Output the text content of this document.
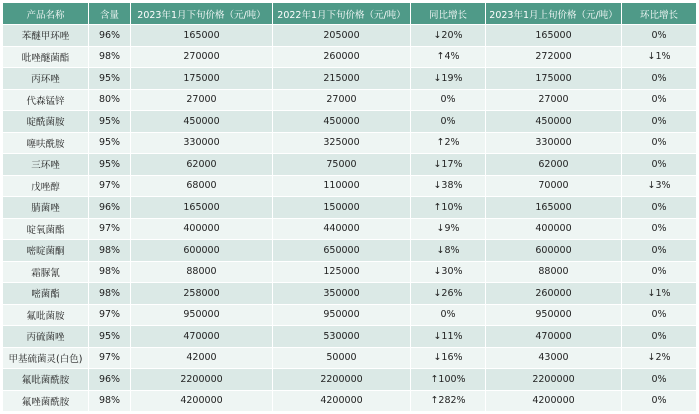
产品名称	含量	2023年1月下旬价格（元/吨）	2022年1月下旬价格（元/吨）	同比增长	2023年1月上旬价格（元/吨）	环比增长
苯醚甲环唑	96%	165000	205000	↓20%	165000	0%
吡唑醚菌酯	98%	270000	260000	↑4%	272000	↓1%
丙环唑	95%	175000	215000	↓19%	175000	0%
代森锰锌	80%	27000	27000	0%	27000	0%
啶酰菌胺	95%	450000	450000	0%	450000	0%
噻呋酰胺	95%	330000	325000	↑2%	330000	0%
三环唑	95%	62000	75000	↓17%	62000	0%
戊唑醇	97%	68000	110000	↓38%	70000	↓3%
腈菌唑	96%	165000	150000	↑10%	165000	0%
啶氧菌酯	97%	400000	440000	↓9%	400000	0%
嘧啶菌酮	98%	600000	650000	↓8%	600000	0%
霜脲氰	98%	88000	125000	↓30%	88000	0%
嘧菌酯	98%	258000	350000	↓26%	260000	↓1%
氟吡菌胺	97%	950000	950000	0%	950000	0%
丙硫菌唑	95%	470000	530000	↓11%	470000	0%
甲基硫菌灵(白色)	97%	42000	50000	↓16%	43000	↓2%
氟吡菌酰胺	96%	2200000	2200000	↑100%	2200000	0%
氟唑菌酰胺	98%	4200000	4200000	↑282%	4200000	0%
